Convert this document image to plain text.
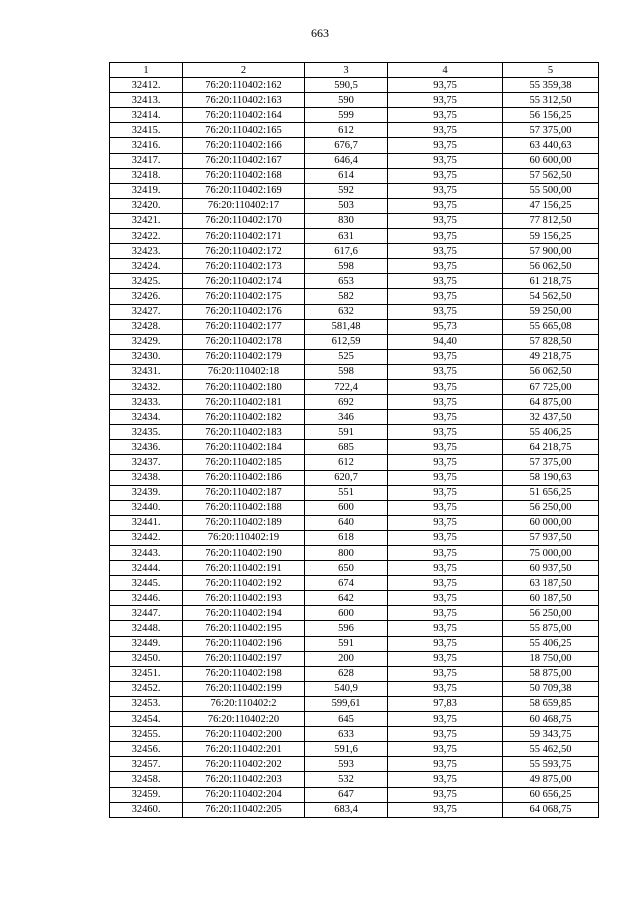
663
1	2	3	4	5
32412.	76:20:110402:162	590,5	93,75	55 359,38
32413.	76:20:110402:163	590	93,75	55 312,50
32414.	76:20:110402:164	599	93,75	56 156,25
32415.	76:20:110402:165	612	93,75	57 375,00
32416.	76:20:110402:166	676,7	93,75	63 440,63
32417.	76:20:110402:167	646,4	93,75	60 600,00
32418.	76:20:110402:168	614	93,75	57 562,50
32419.	76:20:110402:169	592	93,75	55 500,00
32420.	76:20:110402:17	503	93,75	47 156,25
32421.	76:20:110402:170	830	93,75	77 812,50
32422.	76:20:110402:171	631	93,75	59 156,25
32423.	76:20:110402:172	617,6	93,75	57 900,00
32424.	76:20:110402:173	598	93,75	56 062,50
32425.	76:20:110402:174	653	93,75	61 218,75
32426.	76:20:110402:175	582	93,75	54 562,50
32427.	76:20:110402:176	632	93,75	59 250,00
32428.	76:20:110402:177	581,48	95,73	55 665,08
32429.	76:20:110402:178	612,59	94,40	57 828,50
32430.	76:20:110402:179	525	93,75	49 218,75
32431.	76:20:110402:18	598	93,75	56 062,50
32432.	76:20:110402:180	722,4	93,75	67 725,00
32433.	76:20:110402:181	692	93,75	64 875,00
32434.	76:20:110402:182	346	93,75	32 437,50
32435.	76:20:110402:183	591	93,75	55 406,25
32436.	76:20:110402:184	685	93,75	64 218,75
32437.	76:20:110402:185	612	93,75	57 375,00
32438.	76:20:110402:186	620,7	93,75	58 190,63
32439.	76:20:110402:187	551	93,75	51 656,25
32440.	76:20:110402:188	600	93,75	56 250,00
32441.	76:20:110402:189	640	93,75	60 000,00
32442.	76:20:110402:19	618	93,75	57 937,50
32443.	76:20:110402:190	800	93,75	75 000,00
32444.	76:20:110402:191	650	93,75	60 937,50
32445.	76:20:110402:192	674	93,75	63 187,50
32446.	76:20:110402:193	642	93,75	60 187,50
32447.	76:20:110402:194	600	93,75	56 250,00
32448.	76:20:110402:195	596	93,75	55 875,00
32449.	76:20:110402:196	591	93,75	55 406,25
32450.	76:20:110402:197	200	93,75	18 750,00
32451.	76:20:110402:198	628	93,75	58 875,00
32452.	76:20:110402:199	540,9	93,75	50 709,38
32453.	76:20:110402:2	599,61	97,83	58 659,85
32454.	76:20:110402:20	645	93,75	60 468,75
32455.	76:20:110402:200	633	93,75	59 343,75
32456.	76:20:110402:201	591,6	93,75	55 462,50
32457.	76:20:110402:202	593	93,75	55 593,75
32458.	76:20:110402:203	532	93,75	49 875,00
32459.	76:20:110402:204	647	93,75	60 656,25
32460.	76:20:110402:205	683,4	93,75	64 068,75
